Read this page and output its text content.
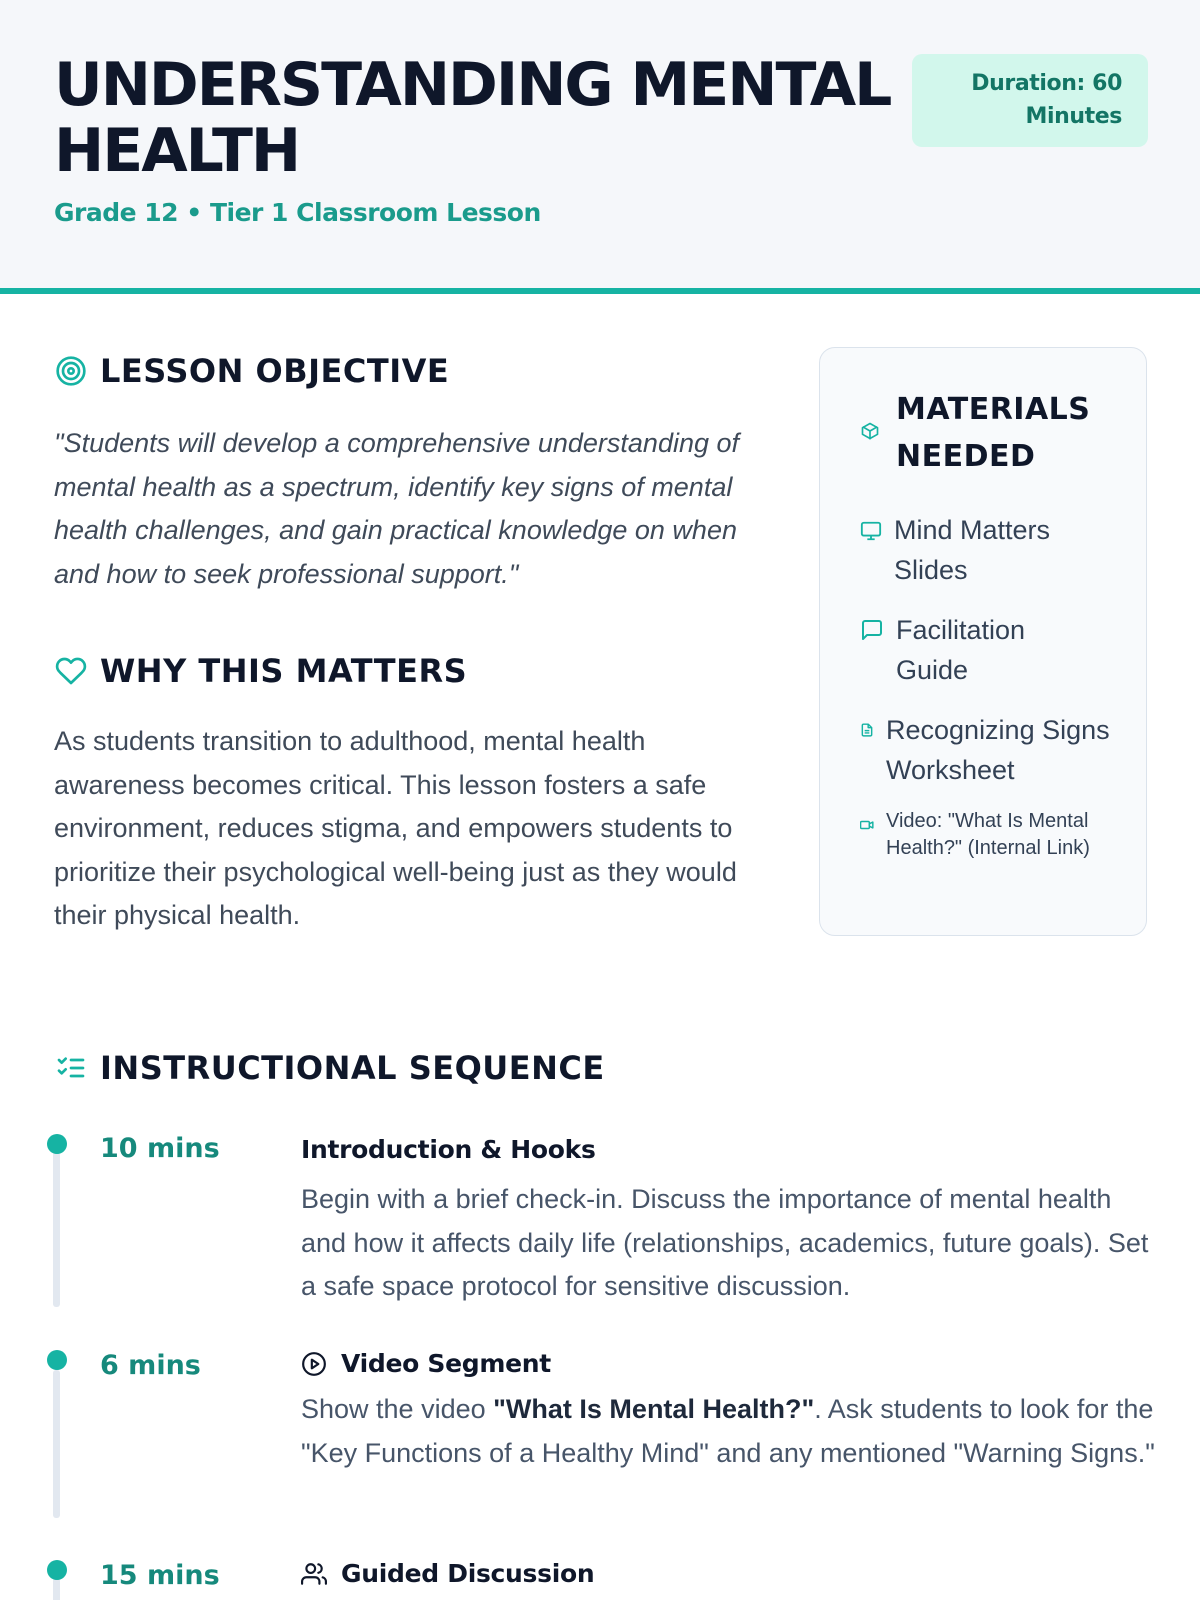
UNDERSTANDING MENTAL HEALTH
Grade 12 • Tier 1 Classroom Lesson
Duration: 60 Minutes
LESSON OBJECTIVE

"Students will develop a comprehensive understanding of mental health as a spectrum, identify key signs of mental health challenges, and gain practical knowledge on when and how to seek professional support."

WHY THIS MATTERS

As students transition to adulthood, mental health awareness becomes critical. This lesson fosters a safe environment, reduces stigma, and empowers students to prioritize their psychological well-being just as they would their physical health.

MATERIALS NEEDED
Mind Matters Slides
Facilitation Guide
Recognizing Signs Worksheet
Video: "What Is Mental Health?" (Internal Link)
INSTRUCTIONAL SEQUENCE
10 mins	Introduction & Hooks

Begin with a brief check-in. Discuss the importance of mental health and how it affects daily life (relationships, academics, future goals). Set a safe space protocol for sensitive discussion.

6 mins	Video Segment

Show the video "What Is Mental Health?". Ask students to look for the "Key Functions of a Healthy Mind" and any mentioned "Warning Signs."

15 mins	Guided Discussion
